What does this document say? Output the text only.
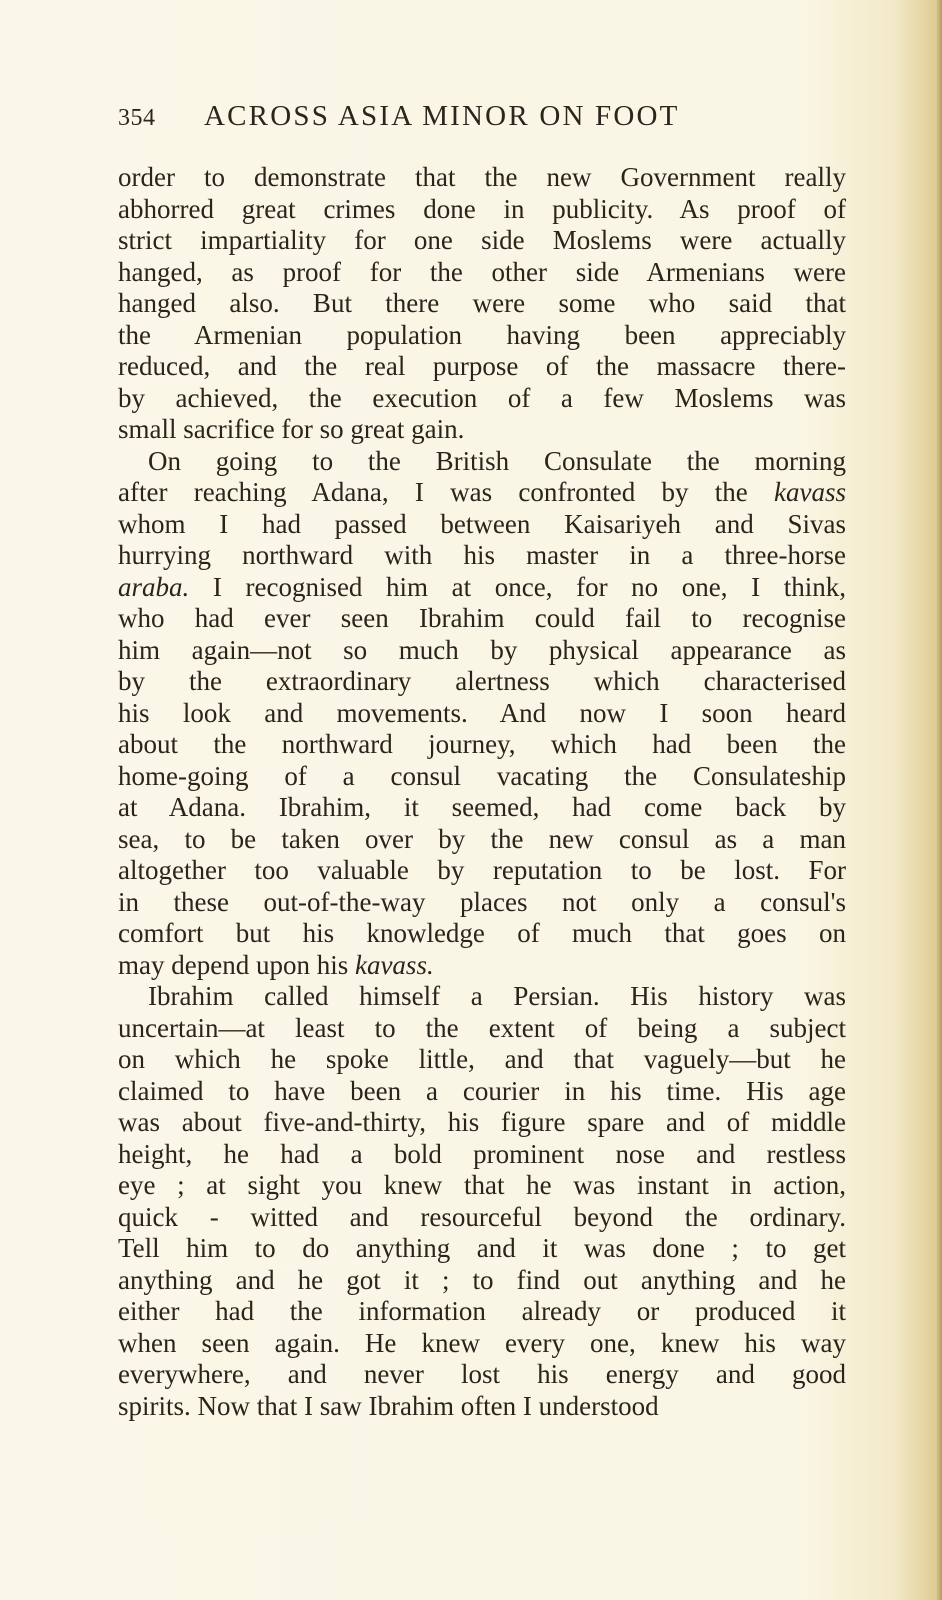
354 ACROSS ASIA MINOR ON FOOT
order to demonstrate that the new Government really
abhorred great crimes done in publicity. As proof of
strict impartiality for one side Moslems were actually
hanged, as proof for the other side Armenians were
hanged also. But there were some who said that
the Armenian population having been appreciably
reduced, and the real purpose of the massacre there-
by achieved, the execution of a few Moslems was
small sacrifice for so great gain.
On going to the British Consulate the morning
after reaching Adana, I was confronted by the kavass
whom I had passed between Kaisariyeh and Sivas
hurrying northward with his master in a three-horse
araba. I recognised him at once, for no one, I think,
who had ever seen Ibrahim could fail to recognise
him again—not so much by physical appearance as
by the extraordinary alertness which characterised
his look and movements. And now I soon heard
about the northward journey, which had been the
home-going of a consul vacating the Consulateship
at Adana. Ibrahim, it seemed, had come back by
sea, to be taken over by the new consul as a man
altogether too valuable by reputation to be lost. For
in these out-of-the-way places not only a consul's
comfort but his knowledge of much that goes on
may depend upon his kavass.
Ibrahim called himself a Persian. His history was
uncertain—at least to the extent of being a subject
on which he spoke little, and that vaguely—but he
claimed to have been a courier in his time. His age
was about five-and-thirty, his figure spare and of middle
height, he had a bold prominent nose and restless
eye ; at sight you knew that he was instant in action,
quick - witted and resourceful beyond the ordinary.
Tell him to do anything and it was done ; to get
anything and he got it ; to find out anything and he
either had the information already or produced it
when seen again. He knew every one, knew his way
everywhere, and never lost his energy and good
spirits. Now that I saw Ibrahim often I understood
